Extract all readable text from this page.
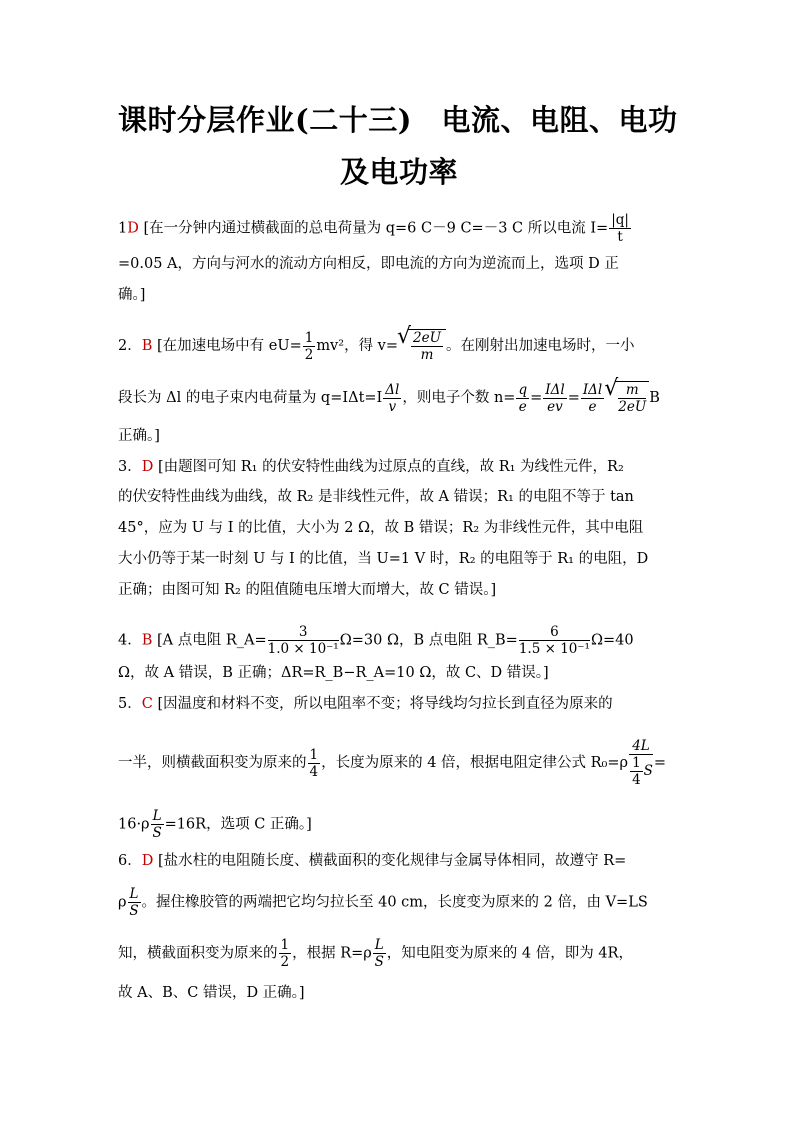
课时分层作业(二十三)　电流、电阻、电功
及电功率
1D [在一分钟内通过横截面的总电荷量为 q=6 C－9 C=－3 C 所以电流 $I= \frac{|q|}{t}$
=0.05 A，方向与河水的流动方向相反，即电流的方向为逆流而上，选项 D 正
确。]
2．B [在加速电场中有 $eU= \frac{1}{2} mv^2$，得 v= √ $\frac{2eU}{m}$ 。在刚射出加速电场时，一小
段长为 Δl 的电子束内电荷量为 $q=I\Delta t=I \frac{\Delta l}{v}$ ，则电子个数 $n= \frac{q}{e} = \frac{\text{IΔl}}{ev} = \frac{\text{IΔl}}{e}$ √ $\frac{m}{2eU}$ B
正确。]
3．D [由题图可知 R₁ 的伏安特性曲线为过原点的直线，故 R₁ 为线性元件，R₂
的伏安特性曲线为曲线，故 R₂ 是非线性元件，故 A 错误；R₁ 的电阻不等于 tan
45°，应为 U 与 I 的比值，大小为 2 Ω，故 B 错误；R₂ 为非线性元件，其中电阻
大小仍等于某一时刻 U 与 I 的比值，当 U=1 V 时，R₂ 的电阻等于 R₁ 的电阻，D
正确；由图可知 R₂ 的阻值随电压增大而增大，故 C 错误。]
4．B [A 点电阻 R_A= $\frac{3}{\text{1.0 × 10⁻¹}} \Omega=30$ Ω，B 点电阻 R_B= $\frac{6}{\text{1.5 × 10⁻¹}} \Omega=40$
Ω，故 A 错误，B 正确；ΔR=R_B−R_A=10 Ω，故 C、D 错误。]
5．C [因温度和材料不变，所以电阻率不变；将导线均匀拉长到直径为原来的
一半，则横截面积变为原来的 $\frac{1}{4}$ ，长度为原来的 4 倍，根据电阻定律公式 $R_0=\rho \frac{4L}{\frac{1}{4} S}$ =
$16\cdot\rho \frac{L}{S} =16R$，选项 C 正确。]
6．D [盐水柱的电阻随长度、横截面积的变化规律与金属导体相同，故遵守 R=
ρ $\frac{L}{S}$ 。握住橡胶管的两端把它均匀拉长至 40 cm，长度变为原来的 2 倍，由 V=LS
知，横截面积变为原来的 $\frac{1}{2}$ ，根据 $R=\rho \frac{L}{S}$ ，知电阻变为原来的 4 倍，即为 4R，
故 A、B、C 错误，D 正确。]
